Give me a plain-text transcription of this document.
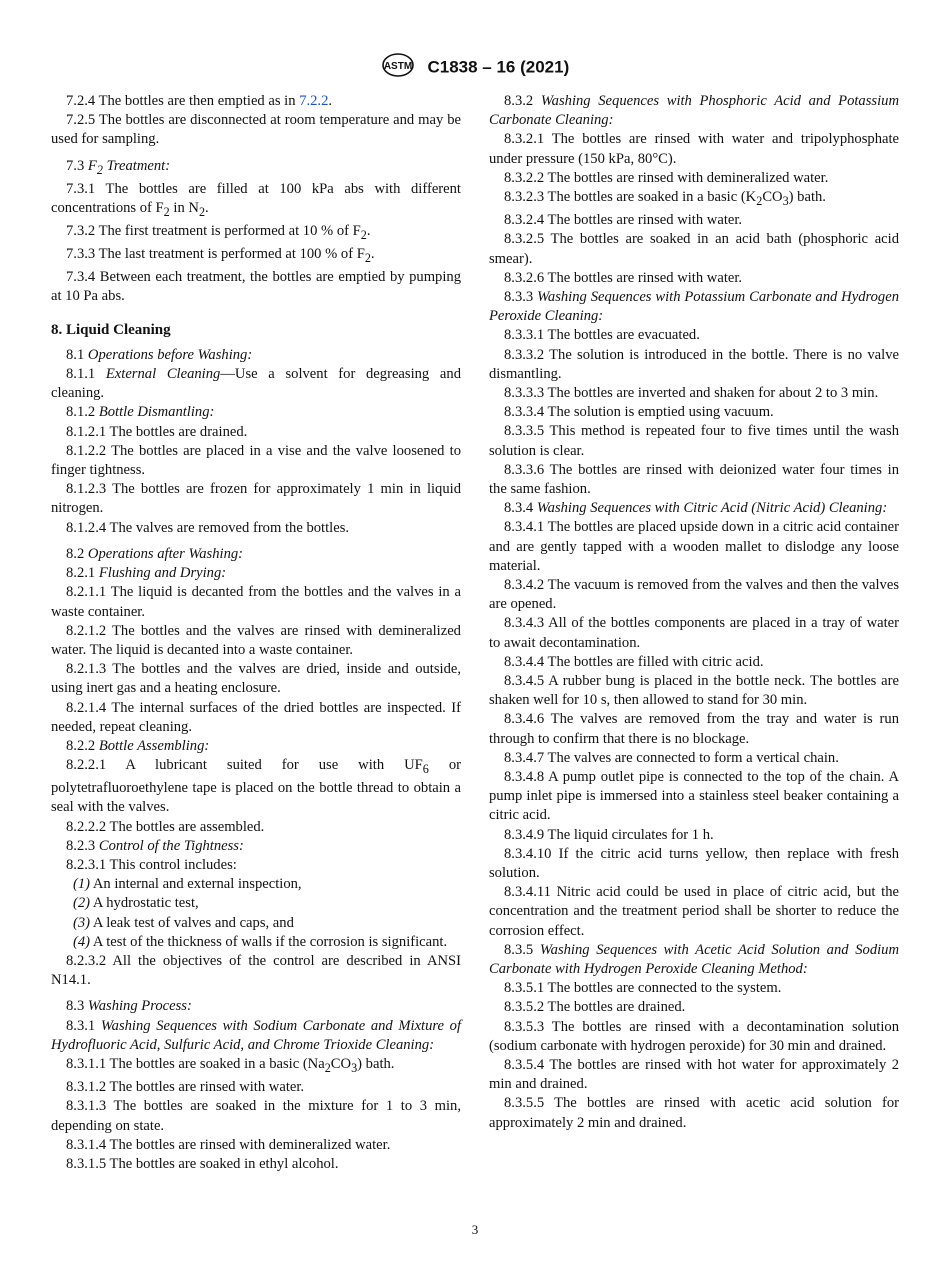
ASTM C1838 – 16 (2021)

7.2.4 The bottles are then emptied as in 7.2.2.

7.2.5 The bottles are disconnected at room temperature and may be used for sampling.

7.3 $F_2$ Treatment:

7.3.1 The bottles are filled at 100 kPa abs with different concentrations of $F_2$ in $N_2$.

7.3.2 The first treatment is performed at 10 % of $F_2$.

7.3.3 The last treatment is performed at 100 % of $F_2$.

7.3.4 Between each treatment, the bottles are emptied by pumping at 10 Pa abs.

8. Liquid Cleaning

8.1 Operations before Washing:

8.1.1 External Cleaning—Use a solvent for degreasing and cleaning.

8.1.2 Bottle Dismantling:

8.1.2.1 The bottles are drained.

8.1.2.2 The bottles are placed in a vise and the valve loosened to finger tightness.

8.1.2.3 The bottles are frozen for approximately 1 min in liquid nitrogen.

8.1.2.4 The valves are removed from the bottles.

8.2 Operations after Washing:

8.2.1 Flushing and Drying:

8.2.1.1 The liquid is decanted from the bottles and the valves in a waste container.

8.2.1.2 The bottles and the valves are rinsed with demineralized water. The liquid is decanted into a waste container.

8.2.1.3 The bottles and the valves are dried, inside and outside, using inert gas and a heating enclosure.

8.2.1.4 The internal surfaces of the dried bottles are inspected. If needed, repeat cleaning.

8.2.2 Bottle Assembling:

8.2.2.1 A lubricant suited for use with $UF_6$ or polytetrafluoroethylene tape is placed on the bottle thread to obtain a seal with the valves.

8.2.2.2 The bottles are assembled.

8.2.3 Control of the Tightness:

8.2.3.1 This control includes:

(1) An internal and external inspection,

(2) A hydrostatic test,

(3) A leak test of valves and caps, and

(4) A test of the thickness of walls if the corrosion is significant.

8.2.3.2 All the objectives of the control are described in ANSI N14.1.

8.3 Washing Process:

8.3.1 Washing Sequences with Sodium Carbonate and Mixture of Hydrofluoric Acid, Sulfuric Acid, and Chrome Trioxide Cleaning:

8.3.1.1 The bottles are soaked in a basic $(Na_2CO_3)$ bath.

8.3.1.2 The bottles are rinsed with water.

8.3.1.3 The bottles are soaked in the mixture for 1 to 3 min, depending on state.

8.3.1.4 The bottles are rinsed with demineralized water.

8.3.1.5 The bottles are soaked in ethyl alcohol.

8.3.2 Washing Sequences with Phosphoric Acid and Potassium Carbonate Cleaning:

8.3.2.1 The bottles are rinsed with water and tripolyphosphate under pressure (150 kPa, 80°C).

8.3.2.2 The bottles are rinsed with demineralized water.

8.3.2.3 The bottles are soaked in a basic $(K_2CO_3)$ bath.

8.3.2.4 The bottles are rinsed with water.

8.3.2.5 The bottles are soaked in an acid bath (phosphoric acid smear).

8.3.2.6 The bottles are rinsed with water.

8.3.3 Washing Sequences with Potassium Carbonate and Hydrogen Peroxide Cleaning:

8.3.3.1 The bottles are evacuated.

8.3.3.2 The solution is introduced in the bottle. There is no valve dismantling.

8.3.3.3 The bottles are inverted and shaken for about 2 to 3 min.

8.3.3.4 The solution is emptied using vacuum.

8.3.3.5 This method is repeated four to five times until the wash solution is clear.

8.3.3.6 The bottles are rinsed with deionized water four times in the same fashion.

8.3.4 Washing Sequences with Citric Acid (Nitric Acid) Cleaning:

8.3.4.1 The bottles are placed upside down in a citric acid container and are gently tapped with a wooden mallet to dislodge any loose material.

8.3.4.2 The vacuum is removed from the valves and then the valves are opened.

8.3.4.3 All of the bottles components are placed in a tray of water to await decontamination.

8.3.4.4 The bottles are filled with citric acid.

8.3.4.5 A rubber bung is placed in the bottle neck. The bottles are shaken well for 10 s, then allowed to stand for 30 min.

8.3.4.6 The valves are removed from the tray and water is run through to confirm that there is no blockage.

8.3.4.7 The valves are connected to form a vertical chain.

8.3.4.8 A pump outlet pipe is connected to the top of the chain. A pump inlet pipe is immersed into a stainless steel beaker containing a citric acid.

8.3.4.9 The liquid circulates for 1 h.

8.3.4.10 If the citric acid turns yellow, then replace with fresh solution.

8.3.4.11 Nitric acid could be used in place of citric acid, but the concentration and the treatment period shall be shorter to reduce the corrosion effect.

8.3.5 Washing Sequences with Acetic Acid Solution and Sodium Carbonate with Hydrogen Peroxide Cleaning Method:

8.3.5.1 The bottles are connected to the system.

8.3.5.2 The bottles are drained.

8.3.5.3 The bottles are rinsed with a decontamination solution (sodium carbonate with hydrogen peroxide) for 30 min and drained.

8.3.5.4 The bottles are rinsed with hot water for approximately 2 min and drained.

8.3.5.5 The bottles are rinsed with acetic acid solution for approximately 2 min and drained.

3
